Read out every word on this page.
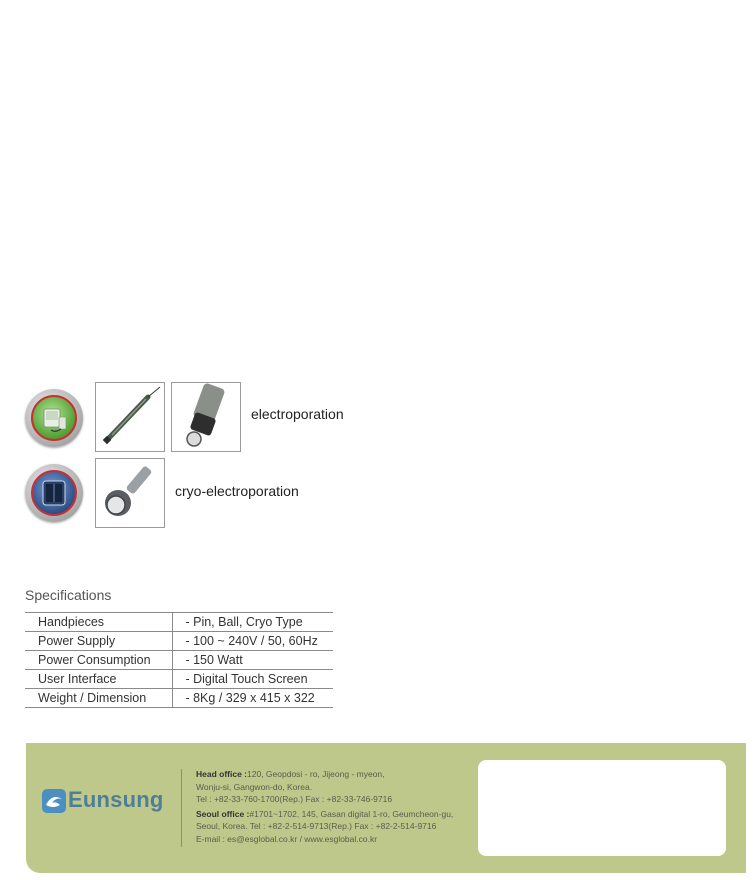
electroporation
cryo-electroporation
Specifications
Handpieces	- Pin, Ball, Cryo Type
Power Supply	- 100 ~ 240V / 50, 60Hz
Power Consumption	- 150 Watt
User Interface	- Digital Touch Screen
Weight / Dimension	- 8Kg / 329 x 415 x 322
Eunsung
Head office :120, Geopdosi - ro, Jijeong - myeon,
Wonju-si, Gangwon-do, Korea.
Tel : +82-33-760-1700(Rep.) Fax : +82-33-746-9716
Seoul office :#1701~1702, 145, Gasan digital 1-ro, Geumcheon-gu,
Seoul, Korea. Tel : +82-2-514-9713(Rep.) Fax : +82-2-514-9716
E-mail : es@esglobal.co.kr / www.esglobal.co.kr
